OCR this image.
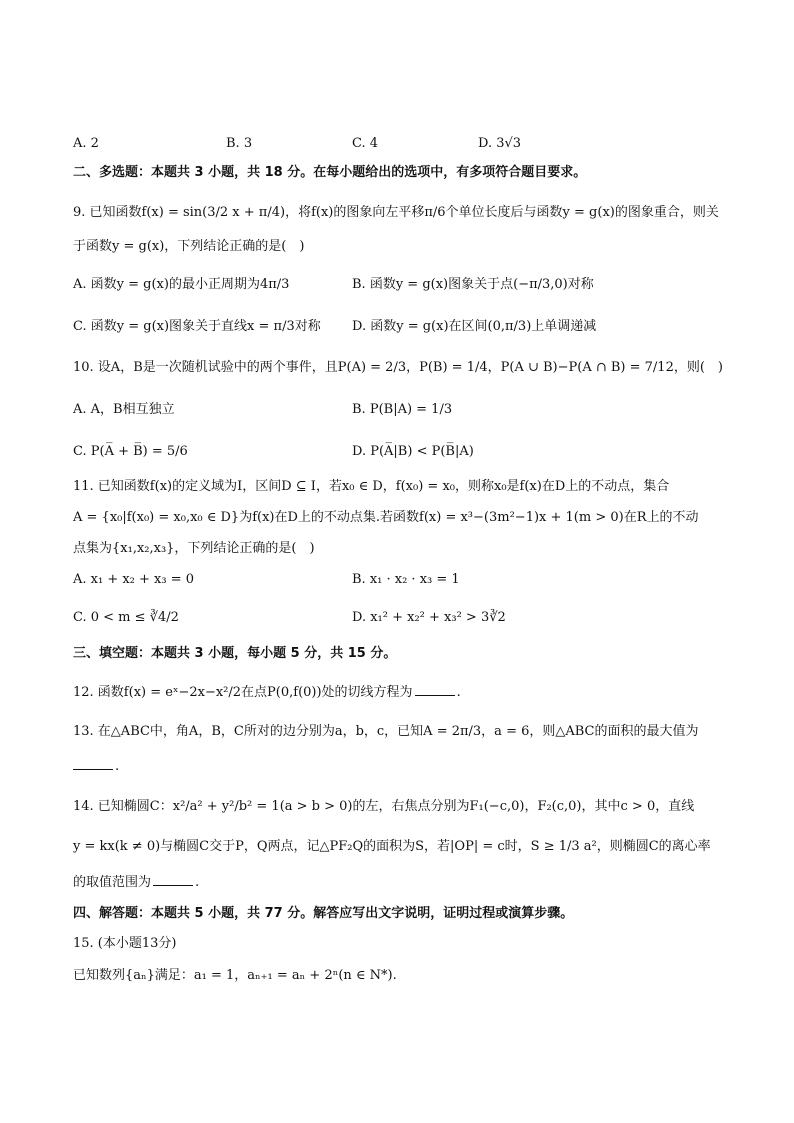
A. 2	B. 3	C. 4	D. 3√3
二、多选题：本题共 3 小题，共 18 分。在每小题给出的选项中，有多项符合题目要求。
9. 已知函数f(x) = sin(3/2 x + π/4)，将f(x)的图象向左平移π/6个单位长度后与函数y = g(x)的图象重合，则关
于函数y = g(x)，下列结论正确的是(　)
A. 函数y = g(x)的最小正周期为4π/3	B. 函数y = g(x)图象关于点(−π/3,0)对称
C. 函数y = g(x)图象关于直线x = π/3对称 D. 函数y = g(x)在区间(0,π/3)上单调递减
10. 设A，B是一次随机试验中的两个事件，且P(A) = 2/3，P(B) = 1/4，P(A ∪ B)−P(A ∩ B) = 7/12，则(　)
A. A，B相互独立	B. P(B|A) = 1/3
C. P(A̅ + B̅) = 5/6	D. P(A̅|B) < P(B̅|A)
11. 已知函数f(x)的定义域为I，区间D ⊆ I，若x₀ ∈ D，f(x₀) = x₀，则称x₀是f(x)在D上的不动点，集合
A = {x₀|f(x₀) = x₀,x₀ ∈ D}为f(x)在D上的不动点集.若函数f(x) = x³−(3m²−1)x + 1(m > 0)在R上的不动
点集为{x₁,x₂,x₃}，下列结论正确的是(　)
A. x₁ + x₂ + x₃ = 0	B. x₁ · x₂ · x₃ = 1
C. 0 < m ≤ ∛4/2	D. x₁² + x₂² + x₃² > 3∛2
三、填空题：本题共 3 小题，每小题 5 分，共 15 分。
12. 函数f(x) = eˣ−2x−x²/2在点P(0,f(0))处的切线方程为	.
13. 在△ABC中，角A，B，C所对的边分别为a，b，c，已知A = 2π/3，a = 6，则△ABC的面积的最大值为
.
14. 已知椭圆C：x²/a² + y²/b² = 1(a > b > 0)的左，右焦点分别为F₁(−c,0)，F₂(c,0)，其中c > 0，直线
y = kx(k ≠ 0)与椭圆C交于P，Q两点，记△PF₂Q的面积为S，若|OP| = c时，S ≥ 1/3 a²，则椭圆C的离心率
的取值范围为	.
四、解答题：本题共 5 小题，共 77 分。解答应写出文字说明，证明过程或演算步骤。
15. (本小题13分)
已知数列{aₙ}满足：a₁ = 1，aₙ₊₁ = aₙ + 2ⁿ(n ∈ N*).
